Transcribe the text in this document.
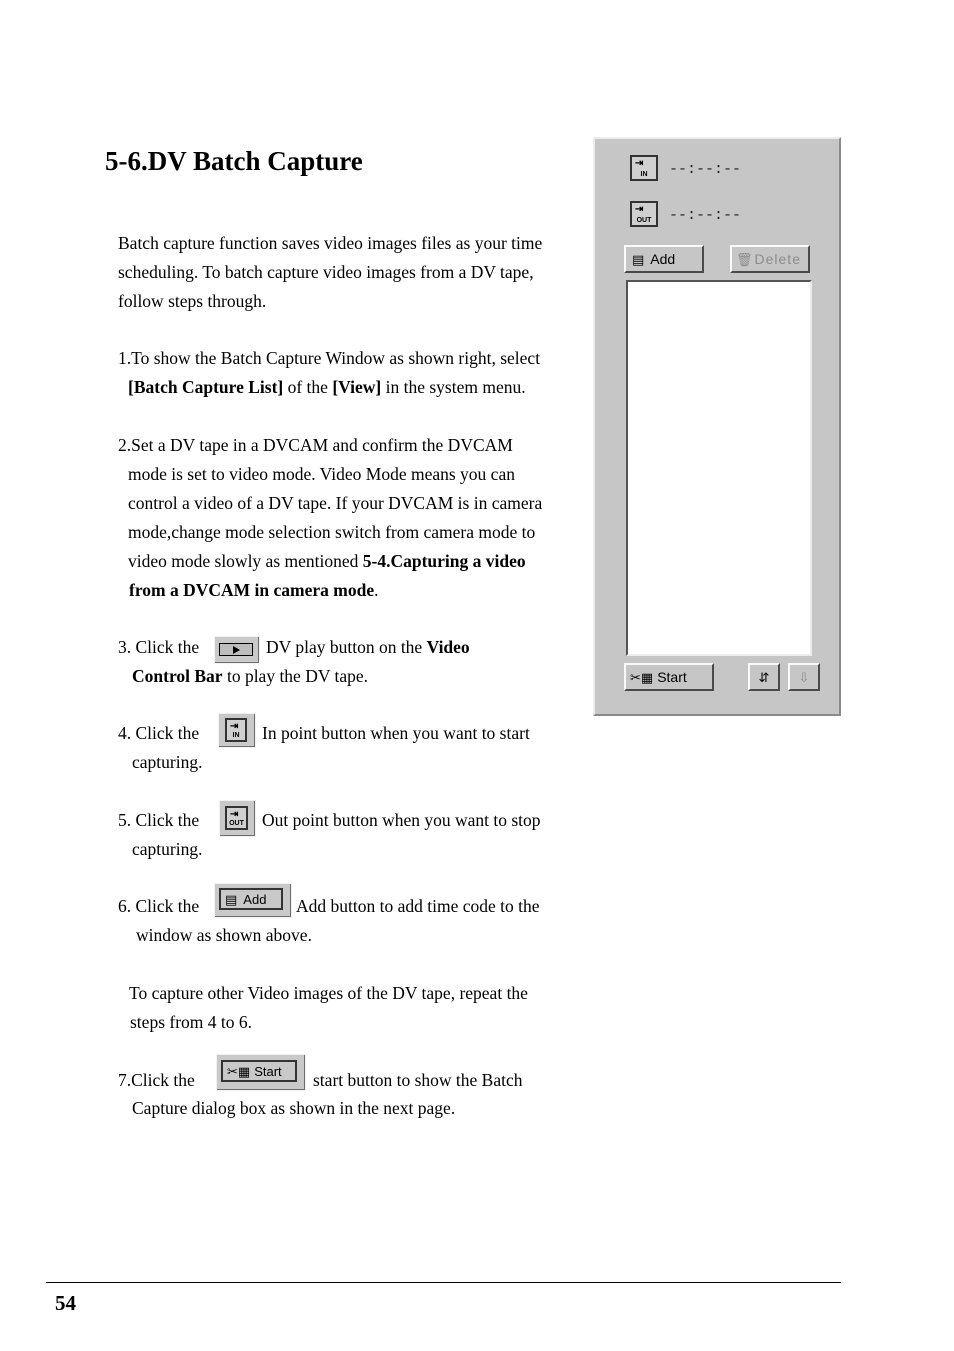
5-6.DV Batch Capture
Batch capture function saves video images files as your time
scheduling. To batch capture video images from a DV tape,
follow steps through.
1.To show the Batch Capture Window as shown right, select
[Batch Capture List] of the [View] in the system menu.
2.Set a DV tape in a DVCAM and confirm the DVCAM
mode is set to video mode. Video Mode means you can
control a video of a DV tape. If your DVCAM is in camera
mode,change mode selection switch from camera mode to
video mode slowly as mentioned 5-4.Capturing a video
from a DVCAM in camera mode.
3. Click the	DV play button on the Video
Control Bar to play the DV tape.
4. Click the	⇥
IN In point button when you want to start
capturing.
5. Click the	⇥
OUT Out point button when you want to stop
capturing.
6. Click the ▤ Add Add button to add time code to the
window as shown above.
To capture other Video images of the DV tape, repeat the
steps from 4 to 6.
7.Click the ✂▦ Start start button to show the Batch
Capture dialog box as shown in the next page.
⇥
IN --:--:--
⇥
OUT --:--:--
▤ Add	🗑 Delete
✂▦ Start	⇵ ⇩
54
